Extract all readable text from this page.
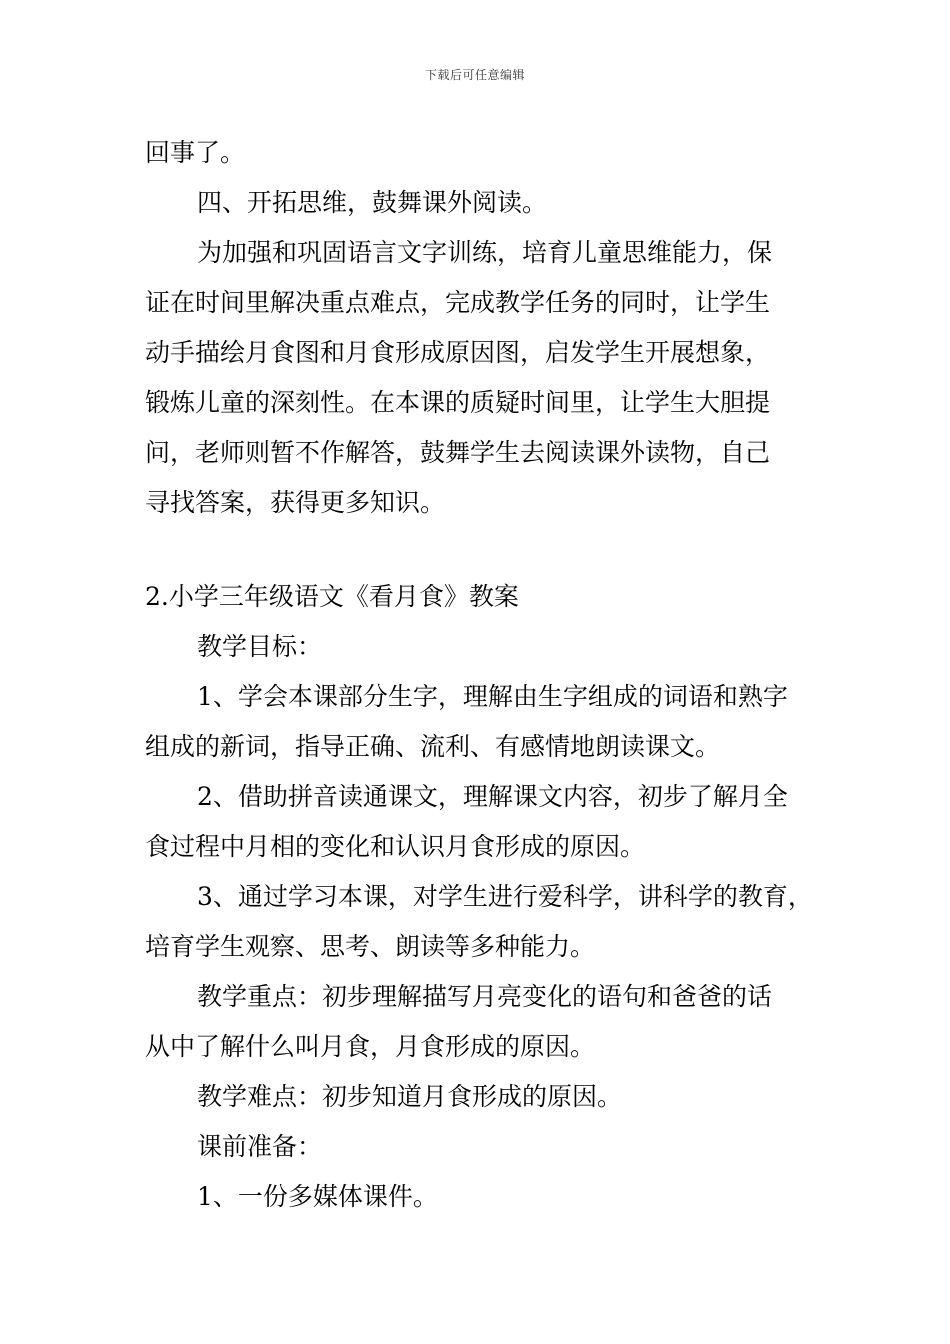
下载后可任意编辑
回事了。
四、开拓思维，鼓舞课外阅读。
为加强和巩固语言文字训练，培育儿童思维能力，保
证在时间里解决重点难点，完成教学任务的同时，让学生
动手描绘月食图和月食形成原因图，启发学生开展想象，
锻炼儿童的深刻性。在本课的质疑时间里，让学生大胆提
问，老师则暂不作解答，鼓舞学生去阅读课外读物，自己
寻找答案，获得更多知识。
2.小学三年级语文《看月食》教案
教学目标：
1、学会本课部分生字，理解由生字组成的词语和熟字
组成的新词，指导正确、流利、有感情地朗读课文。
2、借助拼音读通课文，理解课文内容，初步了解月全
食过程中月相的变化和认识月食形成的原因。
3、通过学习本课，对学生进行爱科学，讲科学的教育，
培育学生观察、思考、朗读等多种能力。
教学重点：初步理解描写月亮变化的语句和爸爸的话
从中了解什么叫月食，月食形成的原因。
教学难点：初步知道月食形成的原因。
课前准备：
1、一份多媒体课件。
